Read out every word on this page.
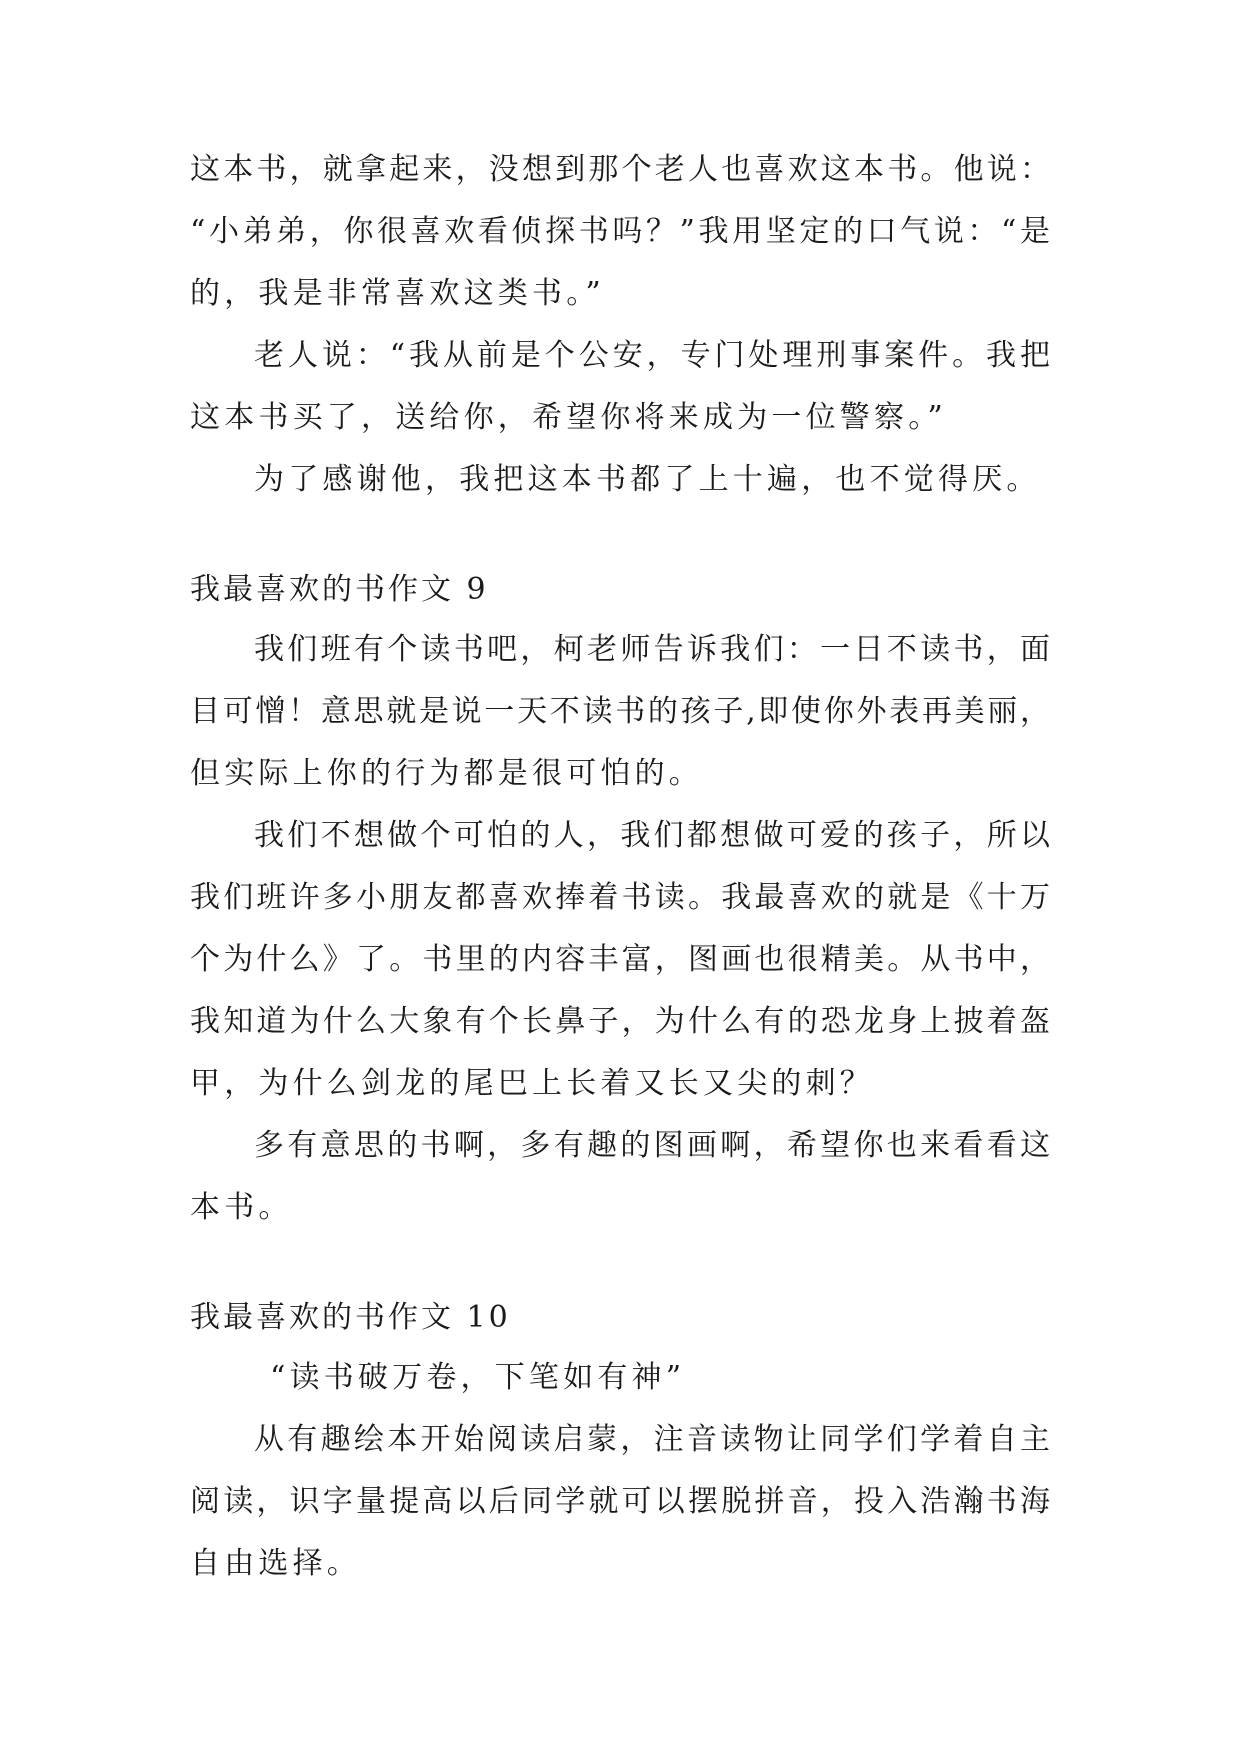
这本书，就拿起来，没想到那个老人也喜欢这本书。他说：
“小弟弟，你很喜欢看侦探书吗？”我用坚定的口气说：“是
的，我是非常喜欢这类书。”
老人说：“我从前是个公安，专门处理刑事案件。我把
这本书买了，送给你，希望你将来成为一位警察。”
为了感谢他，我把这本书都了上十遍，也不觉得厌。
我最喜欢的书作文 9
我们班有个读书吧，柯老师告诉我们：一日不读书，面
目可憎！意思就是说一天不读书的孩子,即使你外表再美丽，
但实际上你的行为都是很可怕的。
我们不想做个可怕的人，我们都想做可爱的孩子，所以
我们班许多小朋友都喜欢捧着书读。我最喜欢的就是《十万
个为什么》了。书里的内容丰富，图画也很精美。从书中，
我知道为什么大象有个长鼻子，为什么有的恐龙身上披着盔
甲，为什么剑龙的尾巴上长着又长又尖的刺？
多有意思的书啊，多有趣的图画啊，希望你也来看看这
本书。
我最喜欢的书作文 10
“读书破万卷，下笔如有神”
从有趣绘本开始阅读启蒙，注音读物让同学们学着自主
阅读，识字量提高以后同学就可以摆脱拼音，投入浩瀚书海
自由选择。
